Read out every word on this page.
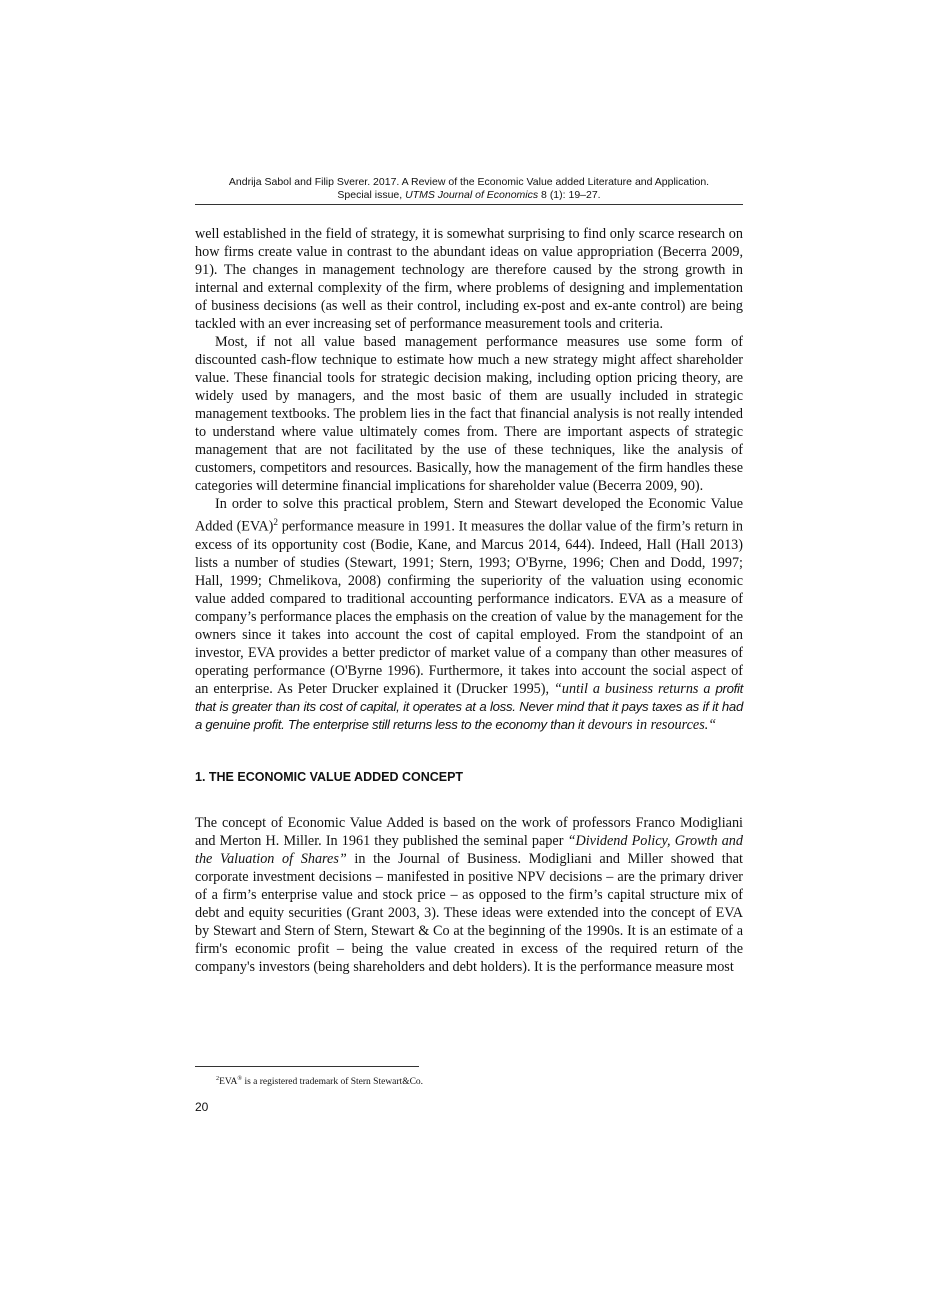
Andrija Sabol and Filip Sverer. 2017. A Review of the Economic Value added Literature and Application.
Special issue, UTMS Journal of Economics 8 (1): 19–27.

well established in the field of strategy, it is somewhat surprising to find only scarce research on how firms create value in contrast to the abundant ideas on value appropriation (Becerra 2009, 91). The changes in management technology are therefore caused by the strong growth in internal and external complexity of the firm, where problems of designing and implementation of business decisions (as well as their control, including ex-post and ex-ante control) are being tackled with an ever increasing set of performance measurement tools and criteria.

Most, if not all value based management performance measures use some form of discounted cash-flow technique to estimate how much a new strategy might affect shareholder value. These financial tools for strategic decision making, including option pricing theory, are widely used by managers, and the most basic of them are usually included in strategic management textbooks. The problem lies in the fact that financial analysis is not really intended to understand where value ultimately comes from. There are important aspects of strategic management that are not facilitated by the use of these techniques, like the analysis of customers, competitors and resources. Basically, how the management of the firm handles these categories will determine financial implications for shareholder value (Becerra 2009, 90).

In order to solve this practical problem, Stern and Stewart developed the Economic Value Added (EVA)$^2$ performance measure in 1991. It measures the dollar value of the firm’s return in excess of its opportunity cost (Bodie, Kane, and Marcus 2014, 644). Indeed, Hall (Hall 2013) lists a number of studies (Stewart, 1991; Stern, 1993; O'Byrne, 1996; Chen and Dodd, 1997; Hall, 1999; Chmelikova, 2008) confirming the superiority of the valuation using economic value added compared to traditional accounting performance indicators. EVA as a measure of company’s performance places the emphasis on the creation of value by the management for the owners since it takes into account the cost of capital employed. From the standpoint of an investor, EVA provides a better predictor of market value of a company than other measures of operating performance (O'Byrne 1996). Furthermore, it takes into account the social aspect of an enterprise. As Peter Drucker explained it (Drucker 1995), “until a business returns a profit that is greater than its cost of capital, it operates at a loss. Never mind that it pays taxes as if it had a genuine profit. The enterprise still returns less to the economy than it devours in resources.“

1. THE ECONOMIC VALUE ADDED CONCEPT

The concept of Economic Value Added is based on the work of professors Franco Modigliani and Merton H. Miller. In 1961 they published the seminal paper “Dividend Policy, Growth and the Valuation of Shares” in the Journal of Business. Modigliani and Miller showed that corporate investment decisions – manifested in positive NPV decisions – are the primary driver of a firm’s enterprise value and stock price – as opposed to the firm’s capital structure mix of debt and equity securities (Grant 2003, 3). These ideas were extended into the concept of EVA by Stewart and Stern of Stern, Stewart & Co at the beginning of the 1990s. It is an estimate of a firm's economic profit – being the value created in excess of the required return of the company's investors (being shareholders and debt holders). It is the performance measure most

$^2$EVA® is a registered trademark of Stern Stewart&Co.
20
